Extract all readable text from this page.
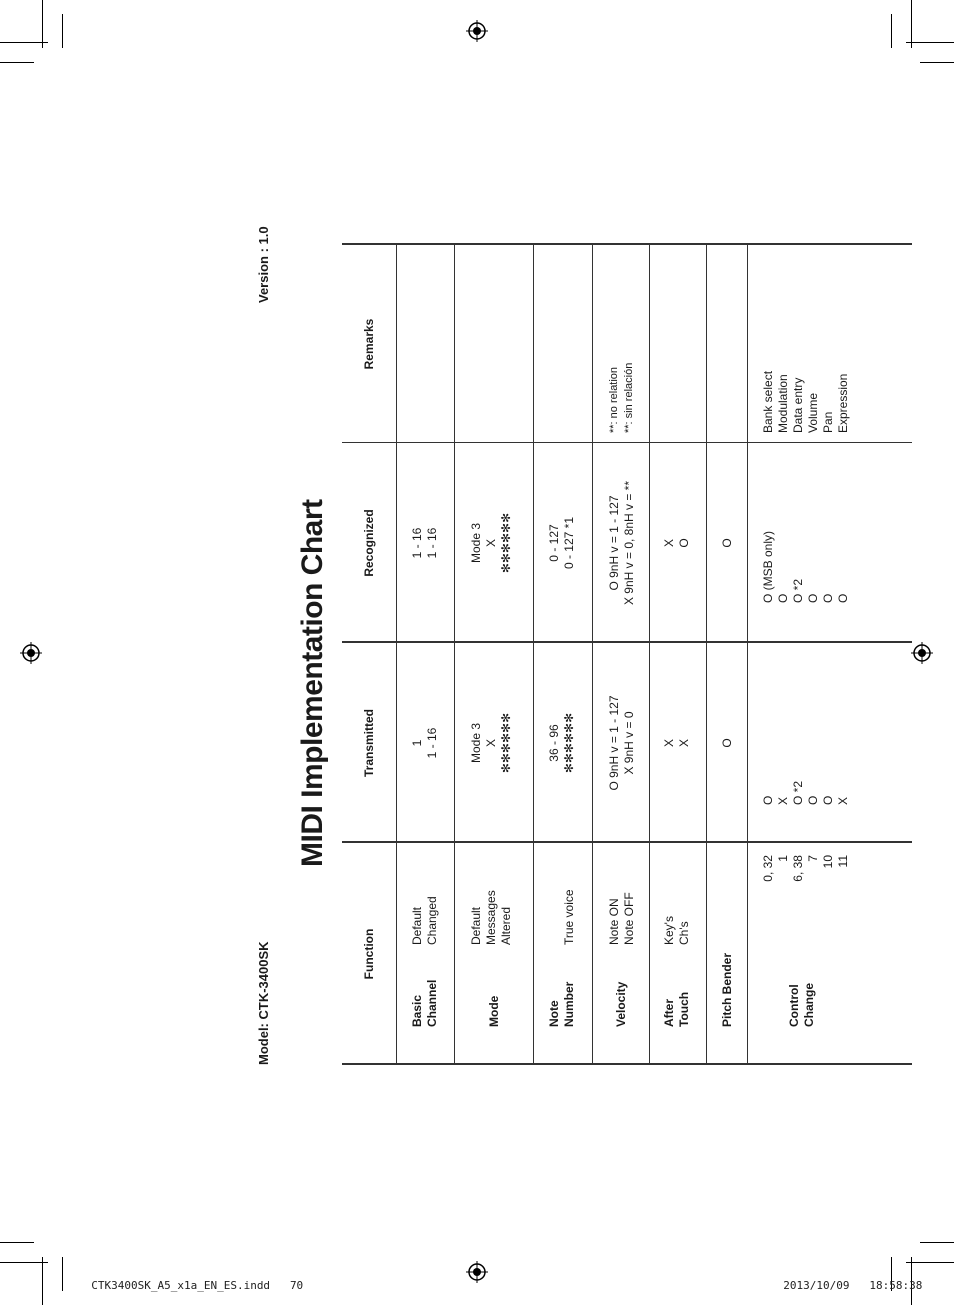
CTK3400SK_A5_x1a_EN_ES.indd 70	2013/10/09 18:58:38

Model: CTK-3400SK
Version : 1.0
MIDI Implementation Chart
Function
Transmitted
Recognized
Remarks
Basic Channel
Default Changed
1 1 - 16
1 - 16 1 - 16
Mode
Default Messages Altered
Mode 3 X ✻✻✻✻✻✻
Mode 3 X ✻✻✻✻✻✻
Note Number
True voice
36 - 96 ✻✻✻✻✻✻
0 - 127 0 - 127 *1
Velocity
Note ON Note OFF
O 9nH v = 1 - 127 X 9nH v = 0
O 9nH v = 1 - 127 X 9nH v = 0, 8nH v = **
**: no relation **: sin relación
After Touch
Key's Ch's
X X
X O
Pitch Bender
O
O
Control Change
0, 32 1 6, 38 7 10 11
O X O *2 O O X
O (MSB only) O O *2 O O O
Bank select Modulation Data entry Volume Pan Expression
